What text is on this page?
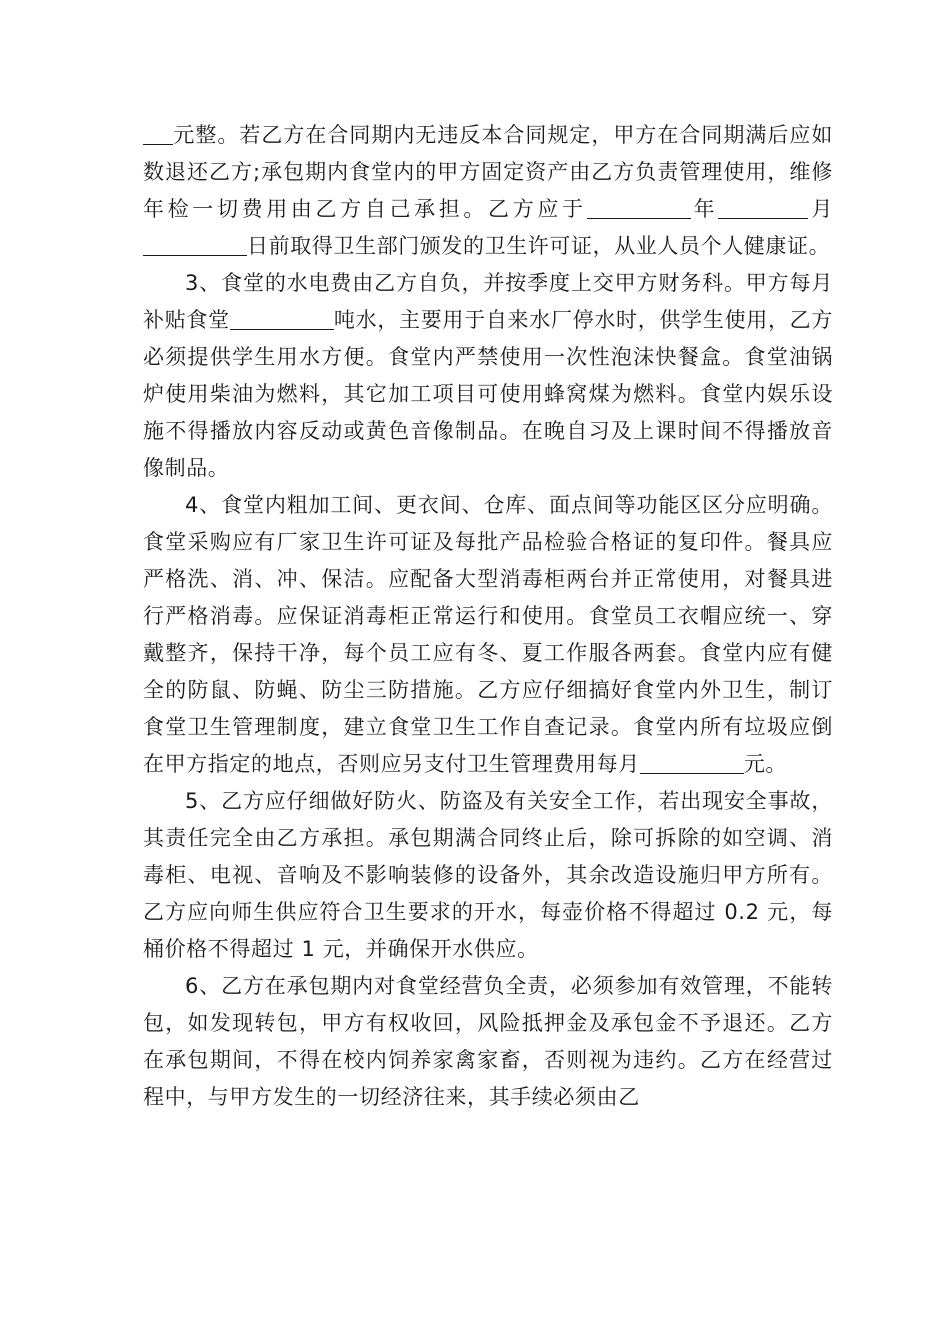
元整。若乙方在合同期内无违反本合同规定，甲方在合同期满后应如数退还乙方;承包期内食堂内的甲方固定资产由乙方负责管理使用，维修年检一切费用由乙方自己承担。乙方应于	年	月日前取得卫生部门颁发的卫生许可证，从业人员个人健康证。

3、食堂的水电费由乙方自负，并按季度上交甲方财务科。甲方每月补贴食堂	吨水，主要用于自来水厂停水时，供学生使用，乙方必须提供学生用水方便。食堂内严禁使用一次性泡沫快餐盒。食堂油锅炉使用柴油为燃料，其它加工项目可使用蜂窝煤为燃料。食堂内娱乐设施不得播放内容反动或黄色音像制品。在晚自习及上课时间不得播放音像制品。

4、食堂内粗加工间、更衣间、仓库、面点间等功能区区分应明确。食堂采购应有厂家卫生许可证及每批产品检验合格证的复印件。餐具应严格洗、消、冲、保洁。应配备大型消毒柜两台并正常使用，对餐具进行严格消毒。应保证消毒柜正常运行和使用。食堂员工衣帽应统一、穿戴整齐，保持干净，每个员工应有冬、夏工作服各两套。食堂内应有健全的防鼠、防蝇、防尘三防措施。乙方应仔细搞好食堂内外卫生，制订食堂卫生管理制度，建立食堂卫生工作自查记录。食堂内所有垃圾应倒在甲方指定的地点，否则应另支付卫生管理费用每月	元。

5、乙方应仔细做好防火、防盗及有关安全工作，若出现安全事故，其责任完全由乙方承担。承包期满合同终止后，除可拆除的如空调、消毒柜、电视、音响及不影响装修的设备外，其余改造设施归甲方所有。乙方应向师生供应符合卫生要求的开水，每壶价格不得超过 0.2 元，每桶价格不得超过 1 元，并确保开水供应。

6、乙方在承包期内对食堂经营负全责，必须参加有效管理，不能转包，如发现转包，甲方有权收回，风险抵押金及承包金不予退还。乙方在承包期间，不得在校内饲养家禽家畜，否则视为违约。乙方在经营过程中，与甲方发生的一切经济往来，其手续必须由乙
